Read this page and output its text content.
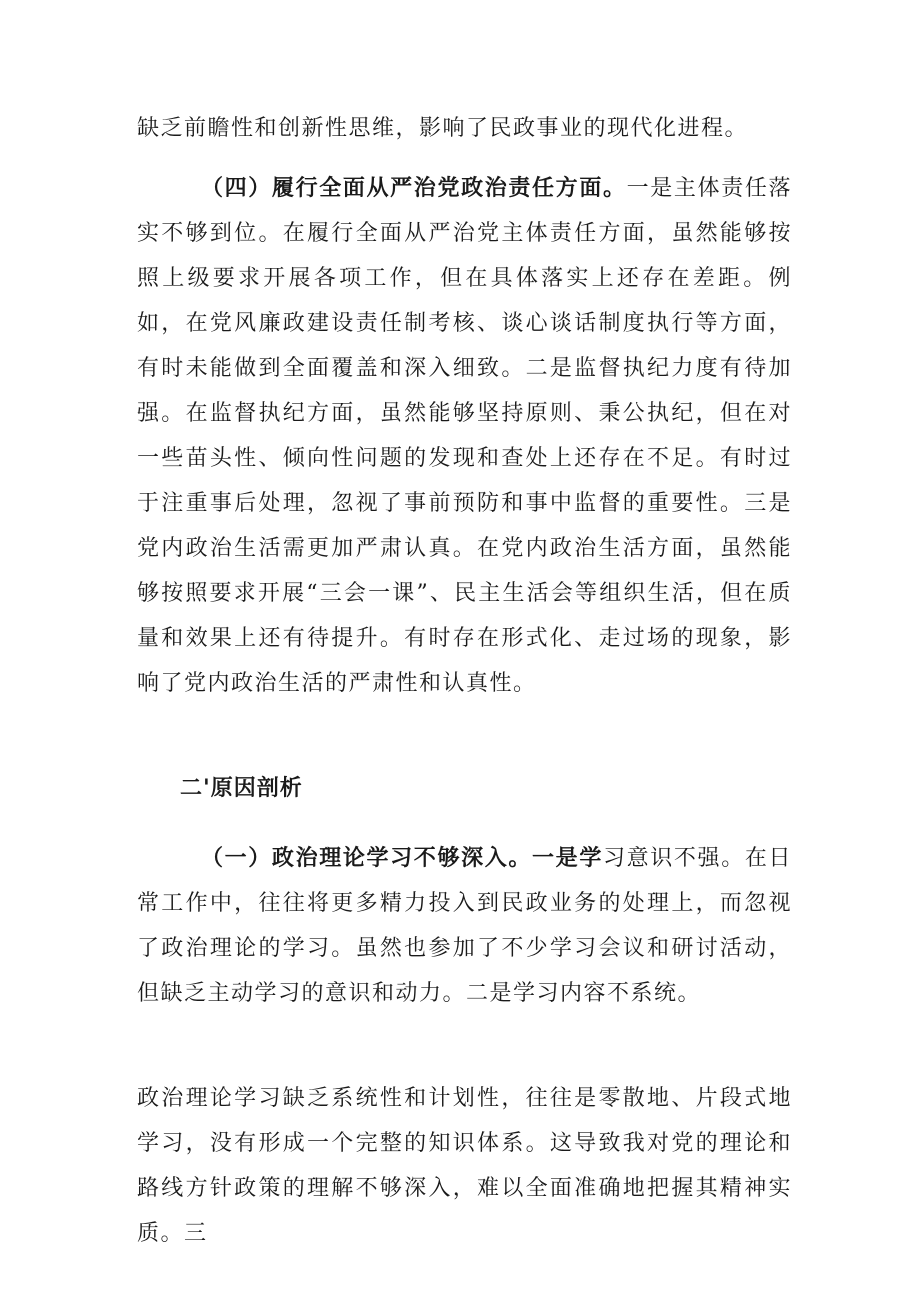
缺乏前瞻性和创新性思维，影响了民政事业的现代化进程。

（四）履行全面从严治党政治责任方面。一是主体责任落实不够到位。在履行全面从严治党主体责任方面，虽然能够按照上级要求开展各项工作，但在具体落实上还存在差距。例如，在党风廉政建设责任制考核、谈心谈话制度执行等方面，有时未能做到全面覆盖和深入细致。二是监督执纪力度有待加强。在监督执纪方面，虽然能够坚持原则、秉公执纪，但在对一些苗头性、倾向性问题的发现和查处上还存在不足。有时过于注重事后处理，忽视了事前预防和事中监督的重要性。三是党内政治生活需更加严肃认真。在党内政治生活方面，虽然能够按照要求开展“三会一课”、民主生活会等组织生活，但在质量和效果上还有待提升。有时存在形式化、走过场的现象，影响了党内政治生活的严肃性和认真性。

二'原因剖析

（一）政治理论学习不够深入。一是学习意识不强。在日常工作中，往往将更多精力投入到民政业务的处理上，而忽视了政治理论的学习。虽然也参加了不少学习会议和研讨活动，但缺乏主动学习的意识和动力。二是学习内容不系统。

政治理论学习缺乏系统性和计划性，往往是零散地、片段式地学习，没有形成一个完整的知识体系。这导致我对党的理论和路线方针政策的理解不够深入，难以全面准确地把握其精神实质。三
